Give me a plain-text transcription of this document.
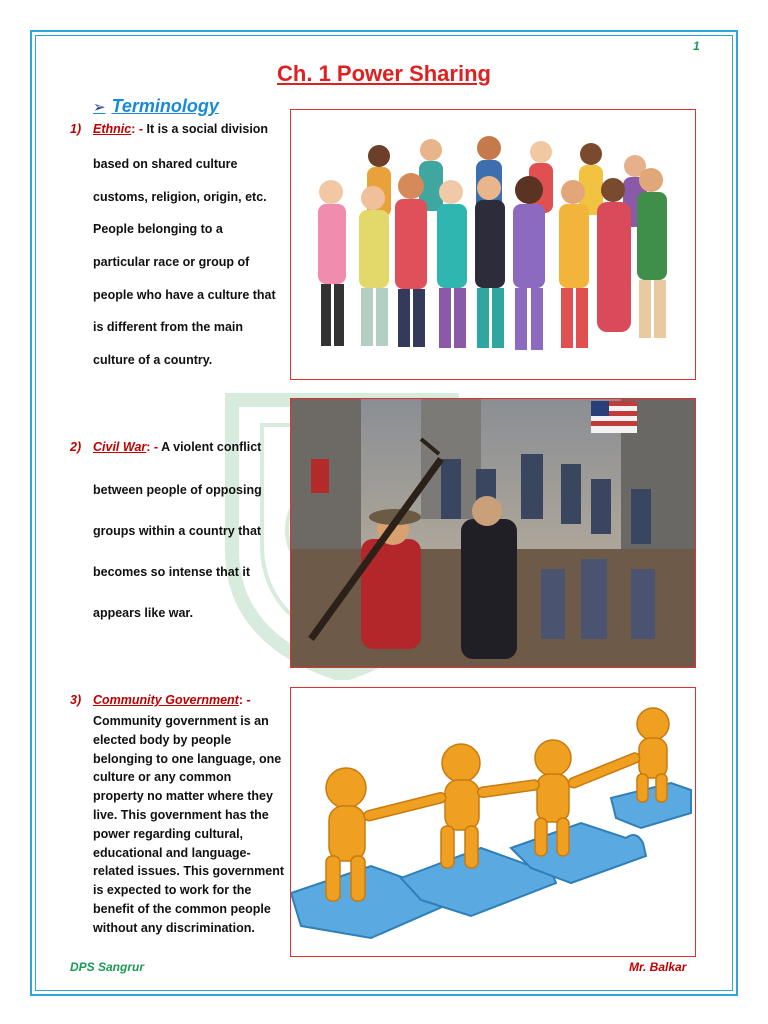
1
Ch. 1 Power Sharing
➢ Terminology
1) Ethnic: - It is a social division
based on shared culture
customs, religion, origin, etc.
People belonging to a
particular race or group of
people who have a culture that
is different from the main
culture of a country.
2) Civil War: - A violent conflict
between people of opposing
groups within a country that
becomes so intense that it
appears like war.
3) Community Government: -
Community government is an elected body by people belonging to one language, one culture or any common property no matter where they live. This government has the power regarding cultural, educational and language-related issues. This government is expected to work for the benefit of the common people without any discrimination.
DPS Sangrur	Mr. Balkar
